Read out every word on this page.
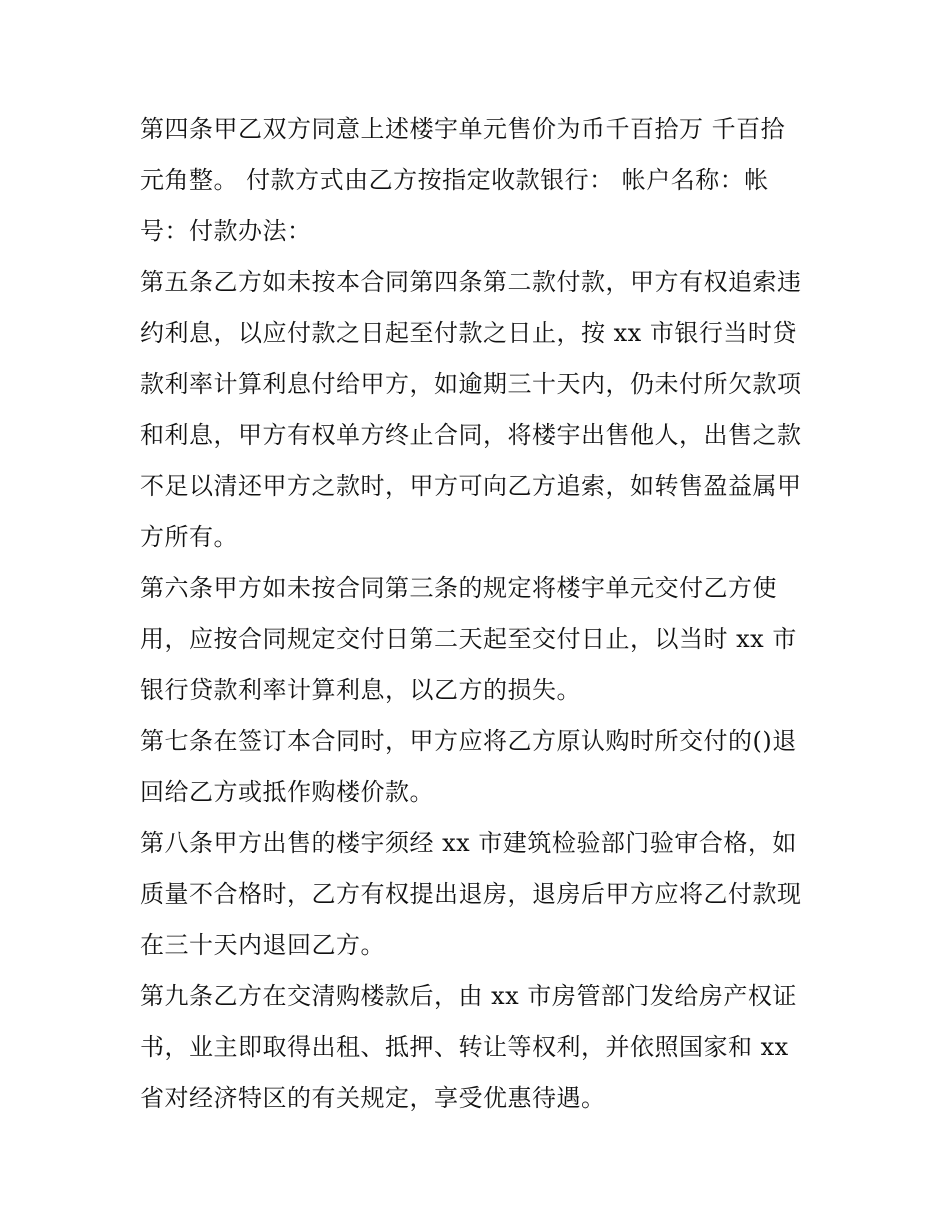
第四条甲乙双方同意上述楼宇单元售价为币千百拾万 千百拾
元角整。 付款方式由乙方按指定收款银行： 帐户名称：帐
号：付款办法：

第五条乙方如未按本合同第四条第二款付款，甲方有权追索违
约利息，以应付款之日起至付款之日止，按 xx 市银行当时贷
款利率计算利息付给甲方，如逾期三十天内，仍未付所欠款项
和利息，甲方有权单方终止合同，将楼宇出售他人，出售之款
不足以清还甲方之款时，甲方可向乙方追索，如转售盈益属甲
方所有。

第六条甲方如未按合同第三条的规定将楼宇单元交付乙方使
用，应按合同规定交付日第二天起至交付日止，以当时 xx 市
银行贷款利率计算利息，以乙方的损失。

第七条在签订本合同时，甲方应将乙方原认购时所交付的()退
回给乙方或抵作购楼价款。

第八条甲方出售的楼宇须经 xx 市建筑检验部门验审合格，如
质量不合格时，乙方有权提出退房，退房后甲方应将乙付款现
在三十天内退回乙方。

第九条乙方在交清购楼款后，由 xx 市房管部门发给房产权证
书，业主即取得出租、抵押、转让等权利，并依照国家和 xx
省对经济特区的有关规定，享受优惠待遇。
